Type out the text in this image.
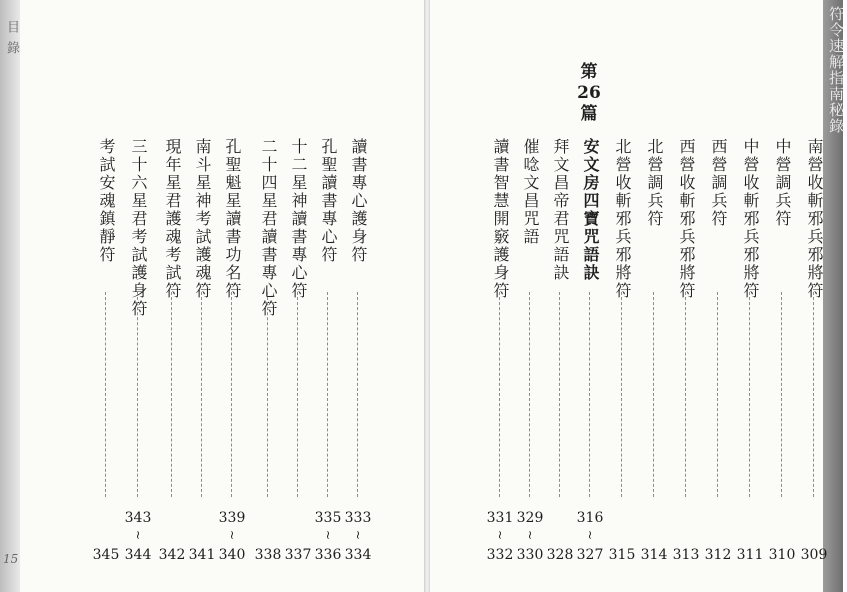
目錄	符令速解指南秘錄
15
第
26
篇
南營收斬邪兵邪將符
309
中營調兵符
310
中營收斬邪兵邪將符
311
西營調兵符
312
西營收斬邪兵邪將符
313
北營調兵符
314
北營收斬邪兵邪將符
315
安文房四寶咒語訣
316
~
327
拜文昌帝君咒語訣
328
催唸文昌咒語
329
~
330
讀書智慧開竅護身符
331
~
332
讀書專心護身符
333
~
334
孔聖讀書專心符
335
~
336
十二星神讀書專心符
337
二十四星君讀書專心符
338
孔聖魁星讀書功名符
339
~
340
南斗星神考試護魂符
341
現年星君護魂考試符
342
三十六星君考試護身符
343
~
344
考試安魂鎮靜符
345
